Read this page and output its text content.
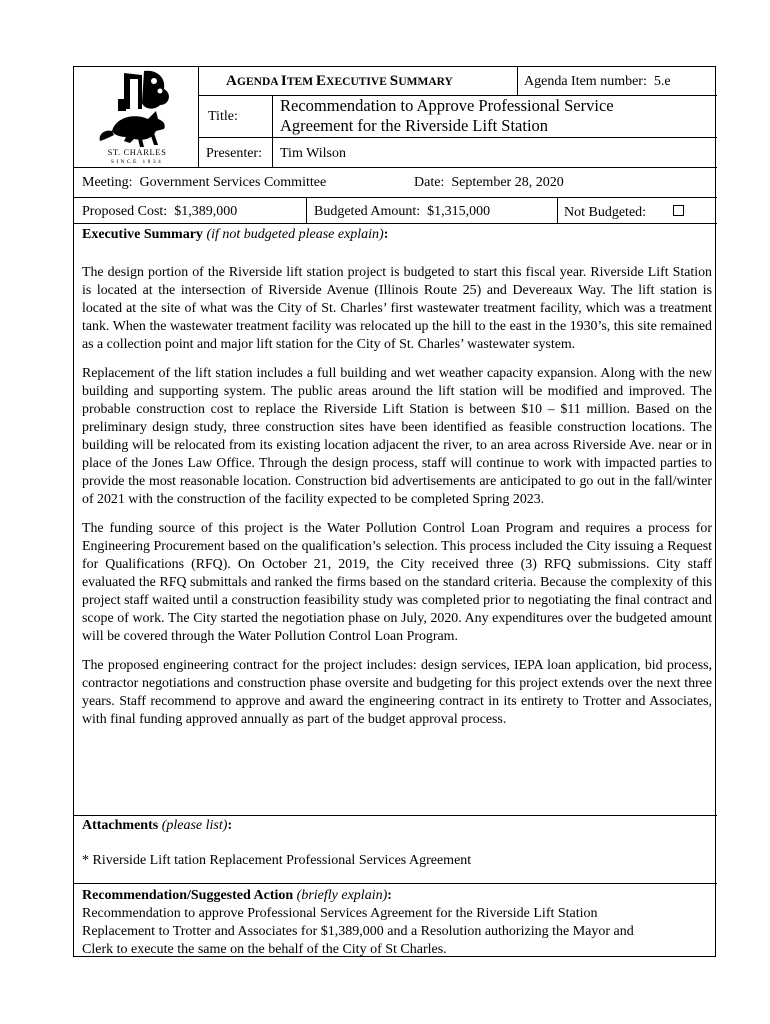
ST. CHARLES
SINCE 1834
AGENDA ITEM EXECUTIVE SUMMARY	Agenda Item number: 5.e
Title:
Recommendation to Approve Professional Service
Agreement for the Riverside Lift Station
Presenter: Tim Wilson
Meeting: Government Services Committee	Date: September 28, 2020
Proposed Cost: $1,389,000	Budgeted Amount: $1,315,000	Not Budgeted:
Executive Summary (if not budgeted please explain):

The design portion of the Riverside lift station project is budgeted to start this fiscal year. Riverside Lift Station is located at the intersection of Riverside Avenue (Illinois Route 25) and Devereaux Way. The lift station is located at the site of what was the City of St. Charles’ first wastewater treatment facility, which was a treatment tank. When the wastewater treatment facility was relocated up the hill to the east in the 1930’s, this site remained as a collection point and major lift station for the City of St. Charles’ wastewater system.

Replacement of the lift station includes a full building and wet weather capacity expansion. Along with the new building and supporting system. The public areas around the lift station will be modified and improved. The probable construction cost to replace the Riverside Lift Station is between $10 – $11 million. Based on the preliminary design study, three construction sites have been identified as feasible construction locations. The building will be relocated from its existing location adjacent the river, to an area across Riverside Ave. near or in place of the Jones Law Office. Through the design process, staff will continue to work with impacted parties to provide the most reasonable location. Construction bid advertisements are anticipated to go out in the fall/winter of 2021 with the construction of the facility expected to be completed Spring 2023.

The funding source of this project is the Water Pollution Control Loan Program and requires a process for Engineering Procurement based on the qualification’s selection. This process included the City issuing a Request for Qualifications (RFQ). On October 21, 2019, the City received three (3) RFQ submissions. City staff evaluated the RFQ submittals and ranked the firms based on the standard criteria. Because the complexity of this project staff waited until a construction feasibility study was completed prior to negotiating the final contract and scope of work. The City started the negotiation phase on July, 2020. Any expenditures over the budgeted amount will be covered through the Water Pollution Control Loan Program.

The proposed engineering contract for the project includes: design services, IEPA loan application, bid process, contractor negotiations and construction phase oversite and budgeting for this project extends over the next three years. Staff recommend to approve and award the engineering contract in its entirety to Trotter and Associates, with final funding approved annually as part of the budget approval process.

Attachments (please list):
* Riverside Lift tation Replacement Professional Services Agreement
Recommendation/Suggested Action (briefly explain):
Recommendation to approve Professional Services Agreement for the Riverside Lift Station
Replacement to Trotter and Associates for $1,389,000 and a Resolution authorizing the Mayor and
Clerk to execute the same on the behalf of the City of St Charles.
